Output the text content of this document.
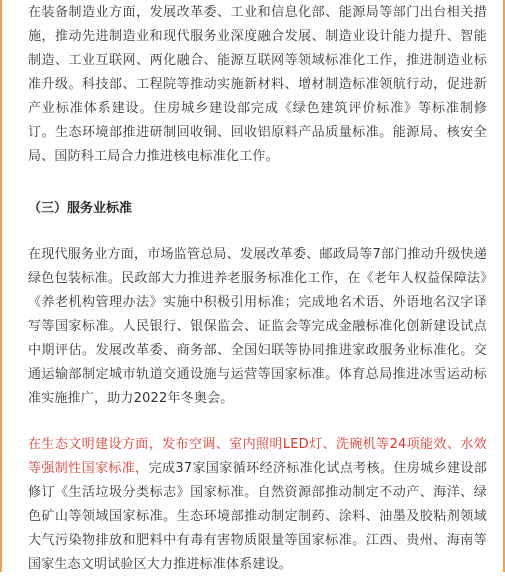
在装备制造业方面，发展改革委、工业和信息化部、能源局等部门出台相关措施，推动先进制造业和现代服务业深度融合发展、制造业设计能力提升、智能制造、工业互联网、两化融合、能源互联网等领域标准化工作，推进制造业标准升级。科技部、工程院等推动实施新材料、增材制造标准领航行动，促进新产业标准体系建设。住房城乡建设部完成《绿色建筑评价标准》等标准制修订。生态环境部推进研制回收铜、回收铝原料产品质量标准。能源局、核安全局、国防科工局合力推进核电标准化工作。

（三）服务业标准

在现代服务业方面，市场监管总局、发展改革委、邮政局等7部门推动升级快递绿色包装标准。民政部大力推进养老服务标准化工作，在《老年人权益保障法》《养老机构管理办法》实施中积极引用标准；完成地名术语、外语地名汉字译写等国家标准。人民银行、银保监会、证监会等完成金融标准化创新建设试点中期评估。发展改革委、商务部、全国妇联等协同推进家政服务业标准化。交通运输部制定城市轨道交通设施与运营等国家标准。体育总局推进冰雪运动标准实施推广，助力2022年冬奥会。

在生态文明建设方面，发布空调、室内照明LED灯、洗碗机等24项能效、水效等强制性国家标准，完成37家国家循环经济标准化试点考核。住房城乡建设部修订《生活垃圾分类标志》国家标准。自然资源部推动制定不动产、海洋、绿色矿山等领域国家标准。生态环境部推动制定制药、涂料、油墨及胶粘剂领域大气污染物排放和肥料中有毒有害物质限量等国家标准。江西、贵州、海南等国家生态文明试验区大力推进标准体系建设。
